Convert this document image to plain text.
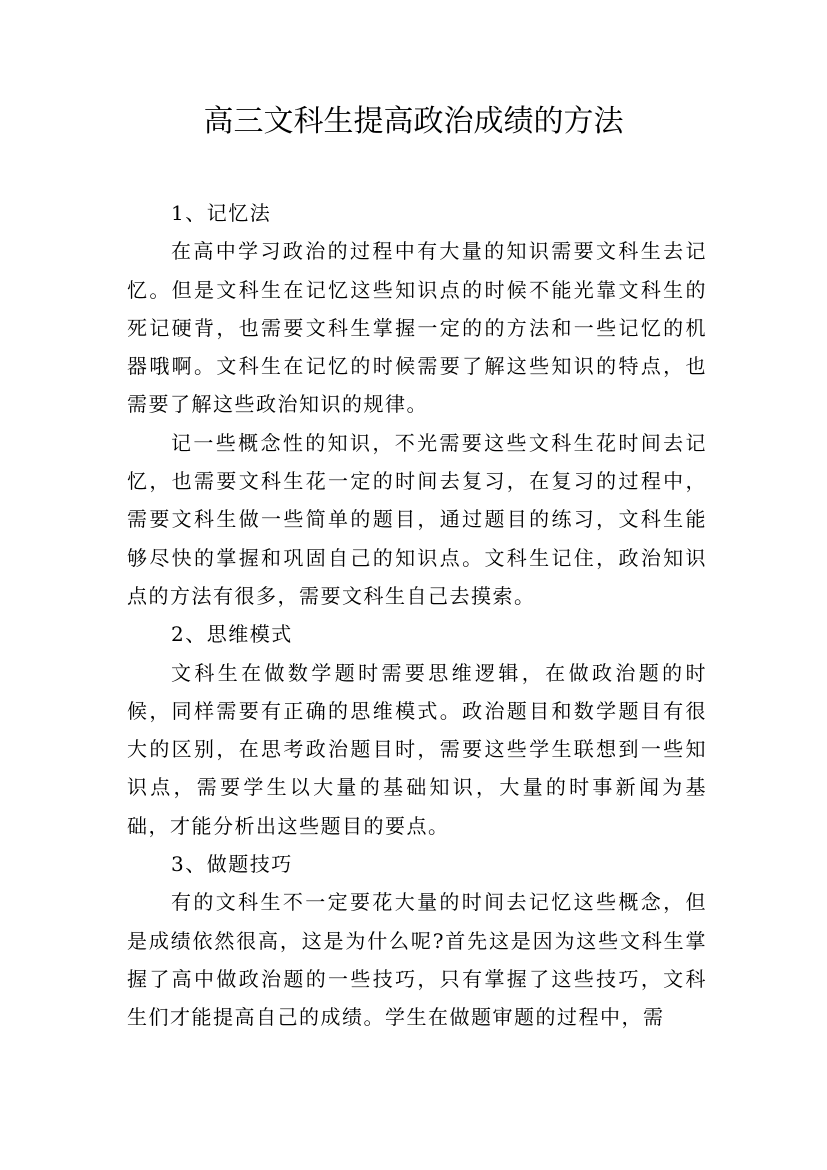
高三文科生提高政治成绩的方法

1、记忆法

在高中学习政治的过程中有大量的知识需要文科生去记忆。但是文科生在记忆这些知识点的时候不能光靠文科生的死记硬背，也需要文科生掌握一定的的方法和一些记忆的机器哦啊。文科生在记忆的时候需要了解这些知识的特点，也需要了解这些政治知识的规律。

记一些概念性的知识，不光需要这些文科生花时间去记忆，也需要文科生花一定的时间去复习，在复习的过程中，需要文科生做一些简单的题目，通过题目的练习，文科生能够尽快的掌握和巩固自己的知识点。文科生记住，政治知识点的方法有很多，需要文科生自己去摸索。

2、思维模式

文科生在做数学题时需要思维逻辑，在做政治题的时候，同样需要有正确的思维模式。政治题目和数学题目有很大的区别，在思考政治题目时，需要这些学生联想到一些知识点，需要学生以大量的基础知识，大量的时事新闻为基础，才能分析出这些题目的要点。

3、做题技巧

有的文科生不一定要花大量的时间去记忆这些概念，但是成绩依然很高，这是为什么呢?首先这是因为这些文科生掌握了高中做政治题的一些技巧，只有掌握了这些技巧，文科生们才能提高自己的成绩。学生在做题审题的过程中，需
